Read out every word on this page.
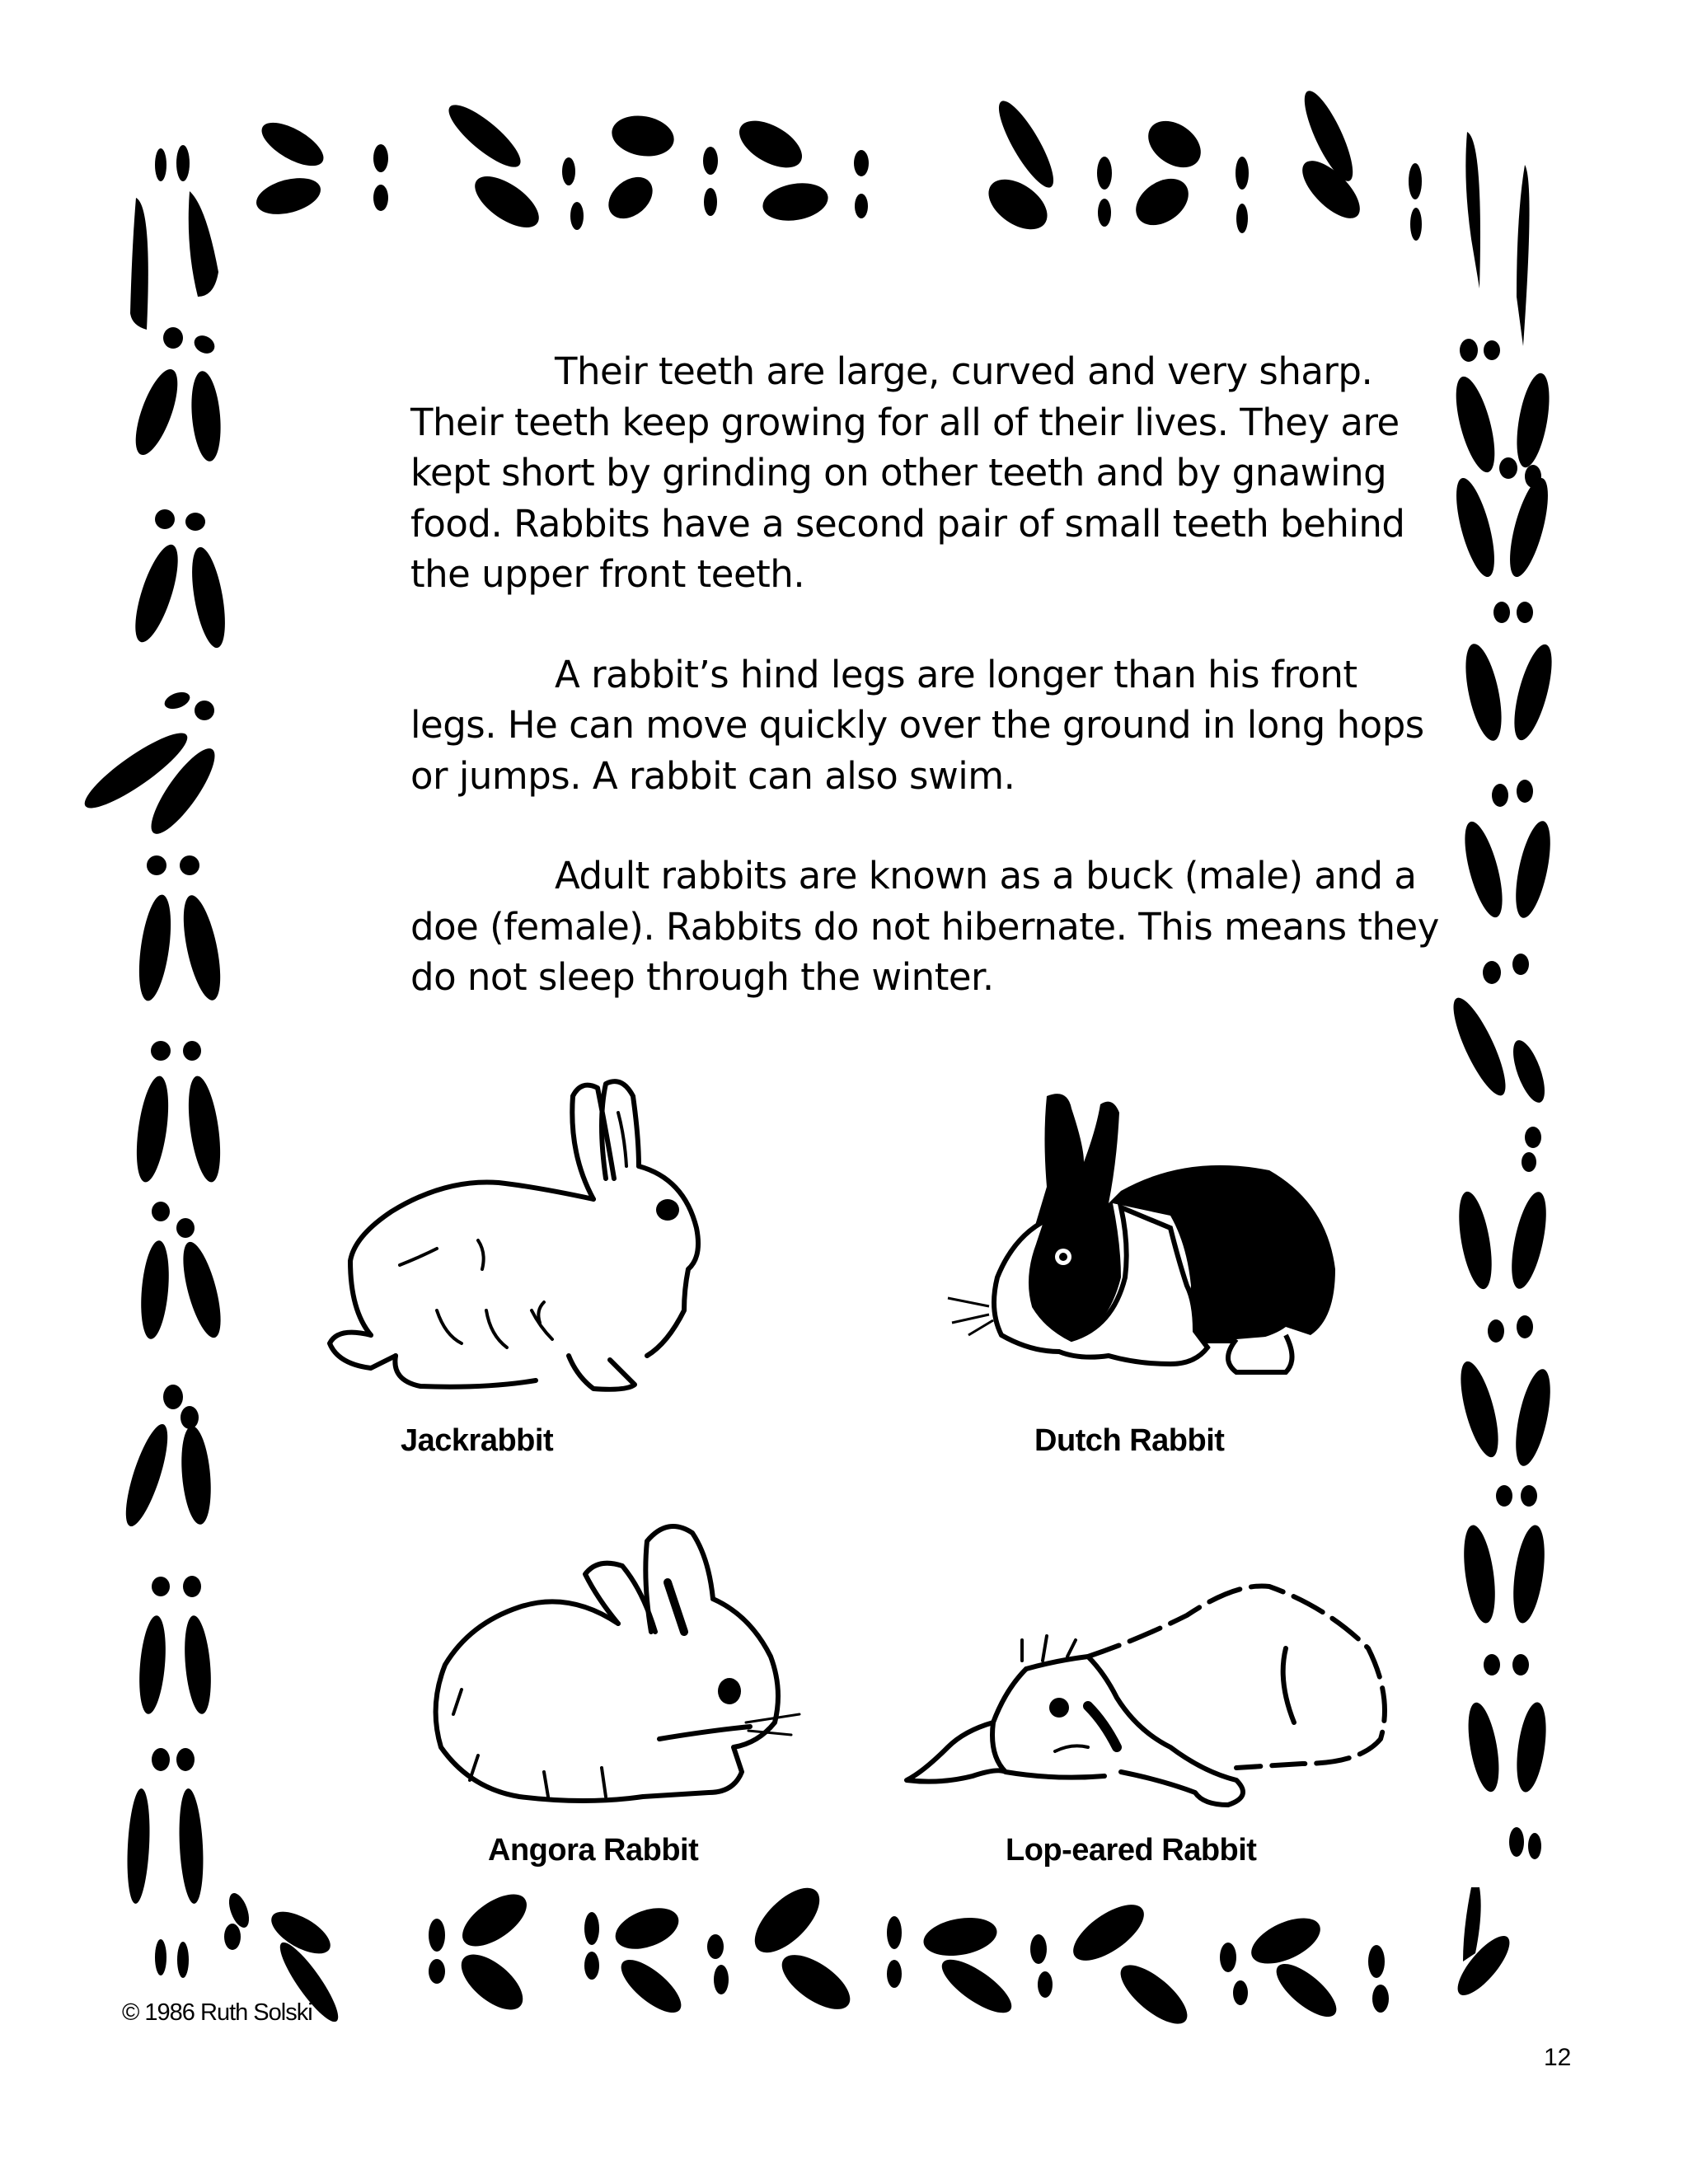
Their teeth are large, curved and very sharp. Their teeth keep growing for all of their lives. They are kept short by grinding on other teeth and by gnawing food. Rabbits have a second pair of small teeth behind the upper front teeth.

A rabbit’s hind legs are longer than his front legs. He can move quickly over the ground in long hops or jumps. A rabbit can also swim.

Adult rabbits are known as a buck (male) and a doe (female). Rabbits do not hibernate. This means they do not sleep through the winter.

Jackrabbit	Dutch Rabbit
Angora Rabbit	Lop-eared Rabbit
© 1986 Ruth Solski
12
